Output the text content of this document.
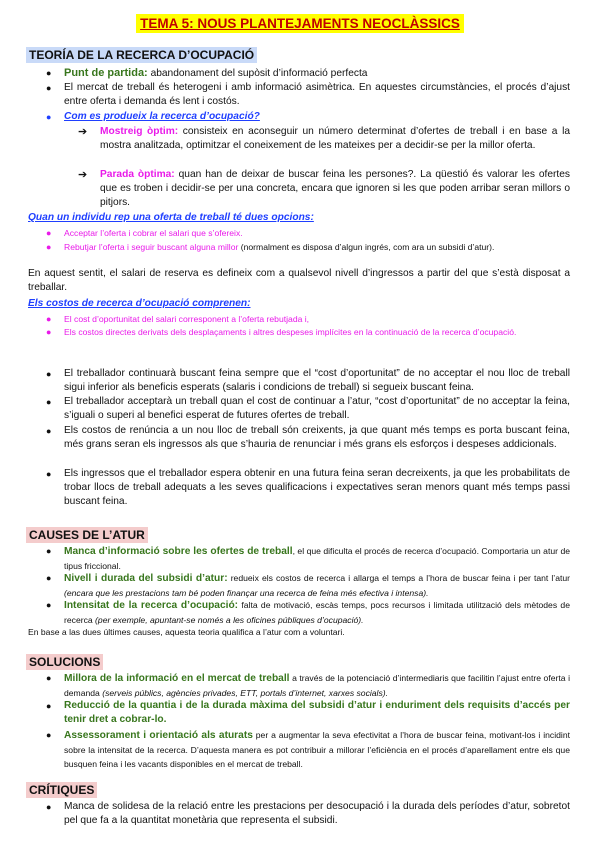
TEMA 5: NOUS PLANTEJAMENTS NEOCLÀSSICS
TEORÍA DE LA RECERCA D’OCUPACIÓ
● Punt de partida: abandonament del supòsit d’informació perfecta
● El mercat de treball és heterogeni i amb informació asimètrica. En aquestes circumstàncies, el procés d’ajust entre oferta i demanda és lent i costós.
● Com es produeix la recerca d’ocupació?
➔ Mostreig òptim: consisteix en aconseguir un número determinat d’ofertes de treball i en base a la mostra analitzada, optimitzar el coneixement de les mateixes per a decidir-se per la millor oferta.
➔ Parada òptima: quan han de deixar de buscar feina les persones?. La qüestió és valorar les ofertes que es troben i decidir-se per una concreta, encara que ignoren si les que poden arribar seran millors o pitjors.
Quan un individu rep una oferta de treball té dues opcions:
● Acceptar l’oferta i cobrar el salari que s’ofereix.
● Rebutjar l’oferta i seguir buscant alguna millor (normalment es disposa d’algun ingrés, com ara un subsidi d’atur).
En aquest sentit, el salari de reserva es defineix com a qualsevol nivell d’ingressos a partir del que s’està disposat a treballar.
Els costos de recerca d’ocupació comprenen:
● El cost d’oportunitat del salari corresponent a l’oferta rebutjada i,
● Els costos directes derivats dels desplaçaments i altres despeses implícites en la continuació de la recerca d’ocupació.
● El treballador continuarà buscant feina sempre que el “cost d’oportunitat” de no acceptar el nou lloc de treball sigui inferior als beneficis esperats (salaris i condicions de treball) si segueix buscant feina.
● El treballador acceptarà un treball quan el cost de continuar a l’atur, “cost d’oportunitat” de no acceptar la feina, s’iguali o superi al benefici esperat de futures ofertes de treball.
● Els costos de renúncia a un nou lloc de treball són creixents, ja que quant més temps es porta buscant feina, més grans seran els ingressos als que s’hauria de renunciar i més grans els esforços i despeses addicionals.
● Els ingressos que el treballador espera obtenir en una futura feina seran decreixents, ja que les probabilitats de trobar llocs de treball adequats a les seves qualificacions i expectatives seran menors quant més temps passi buscant feina.
CAUSES DE L’ATUR
● Manca d’informació sobre les ofertes de treball, el que dificulta el procés de recerca d’ocupació. Comportaria un atur de tipus friccional.
● Nivell i durada del subsidi d’atur: redueix els costos de recerca i allarga el temps a l’hora de buscar feina i per tant l’atur (encara que les prestacions tam bé poden finançar una recerca de feina més efectiva i intensa).
● Intensitat de la recerca d’ocupació: falta de motivació, escàs temps, pocs recursos i limitada utilització dels mètodes de recerca (per exemple, apuntant-se només a les oficines públiques d’ocupació).
En base a las dues últimes causes, aquesta teoria qualifica a l’atur com a voluntari.
SOLUCIONS
● Millora de la informació en el mercat de treball a través de la potenciació d’intermediaris que facilitin l’ajust entre oferta i demanda (serveis públics, agències privades, ETT, portals d’internet, xarxes socials).
● Reducció de la quantia i de la durada màxima del subsidi d’atur i enduriment dels requisits d’accés per tenir dret a cobrar-lo.
● Assessorament i orientació als aturats per a augmentar la seva efectivitat a l’hora de buscar feina, motivant-los i incidint sobre la intensitat de la recerca. D’aquesta manera es pot contribuir a millorar l’eficiència en el procés d’aparellament entre els que busquen feina i les vacants disponibles en el mercat de treball.
CRÍTIQUES
● Manca de solidesa de la relació entre les prestacions per desocupació i la durada dels períodes d’atur, sobretot pel que fa a la quantitat monetària que representa el subsidi.
